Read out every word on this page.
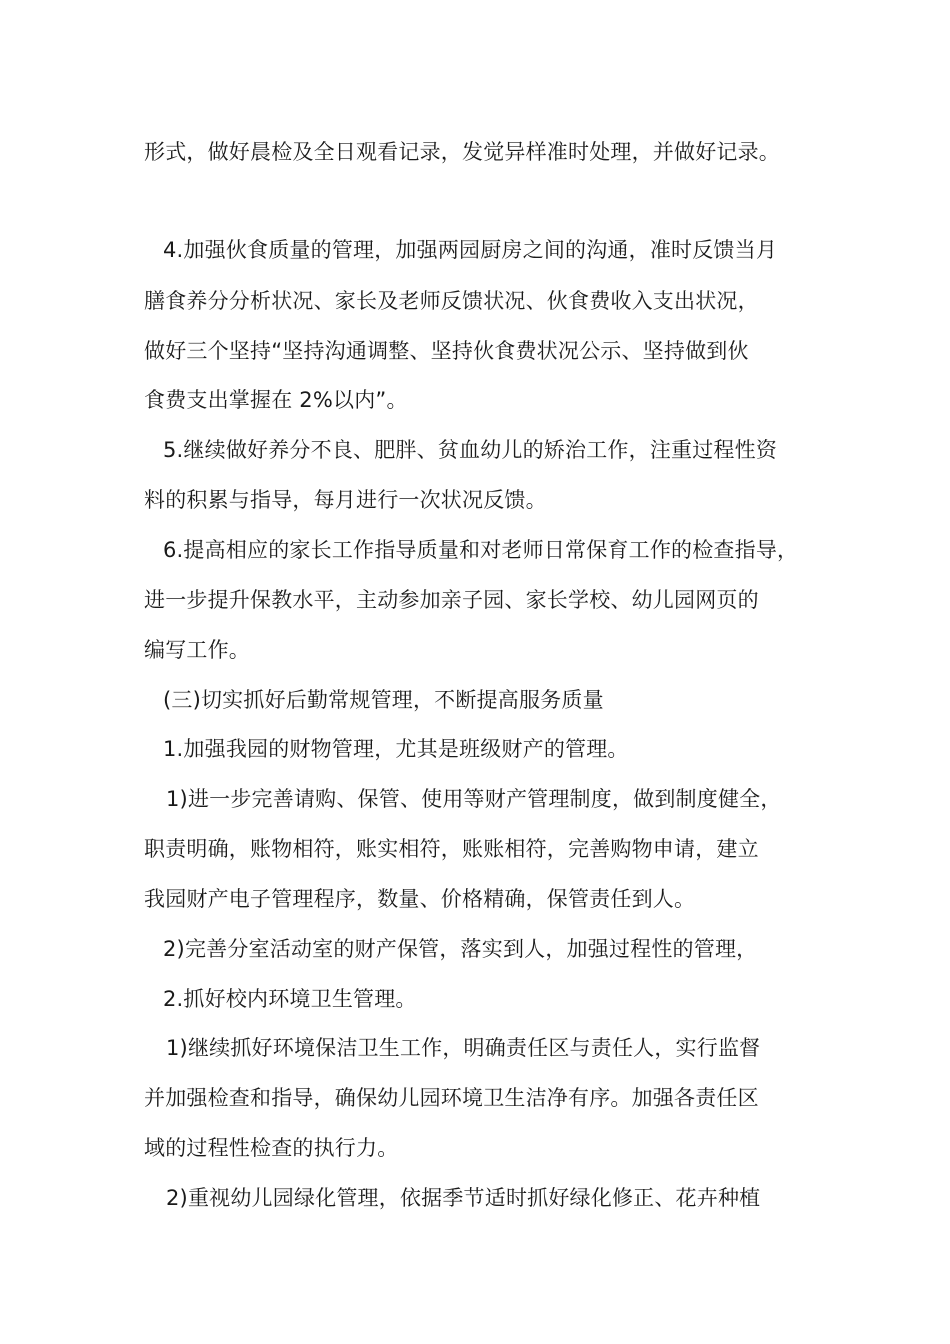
形式，做好晨检及全日观看记录，发觉异样准时处理，并做好记录。
4.加强伙食质量的管理，加强两园厨房之间的沟通，准时反馈当月
膳食养分分析状况、家长及老师反馈状况、伙食费收入支出状况，
做好三个坚持“坚持沟通调整、坚持伙食费状况公示、坚持做到伙
食费支出掌握在 2%以内”。
5.继续做好养分不良、肥胖、贫血幼儿的矫治工作，注重过程性资
料的积累与指导，每月进行一次状况反馈。
6.提高相应的家长工作指导质量和对老师日常保育工作的检查指导，
进一步提升保教水平，主动参加亲子园、家长学校、幼儿园网页的
编写工作。
(三)切实抓好后勤常规管理，不断提高服务质量
1.加强我园的财物管理，尤其是班级财产的管理。
1)进一步完善请购、保管、使用等财产管理制度，做到制度健全，
职责明确，账物相符，账实相符，账账相符，完善购物申请，建立
我园财产电子管理程序，数量、价格精确，保管责任到人。
2)完善分室活动室的财产保管，落实到人，加强过程性的管理，
2.抓好校内环境卫生管理。
1)继续抓好环境保洁卫生工作，明确责任区与责任人，实行监督
并加强检查和指导，确保幼儿园环境卫生洁净有序。加强各责任区
域的过程性检查的执行力。
2)重视幼儿园绿化管理，依据季节适时抓好绿化修正、花卉种植
